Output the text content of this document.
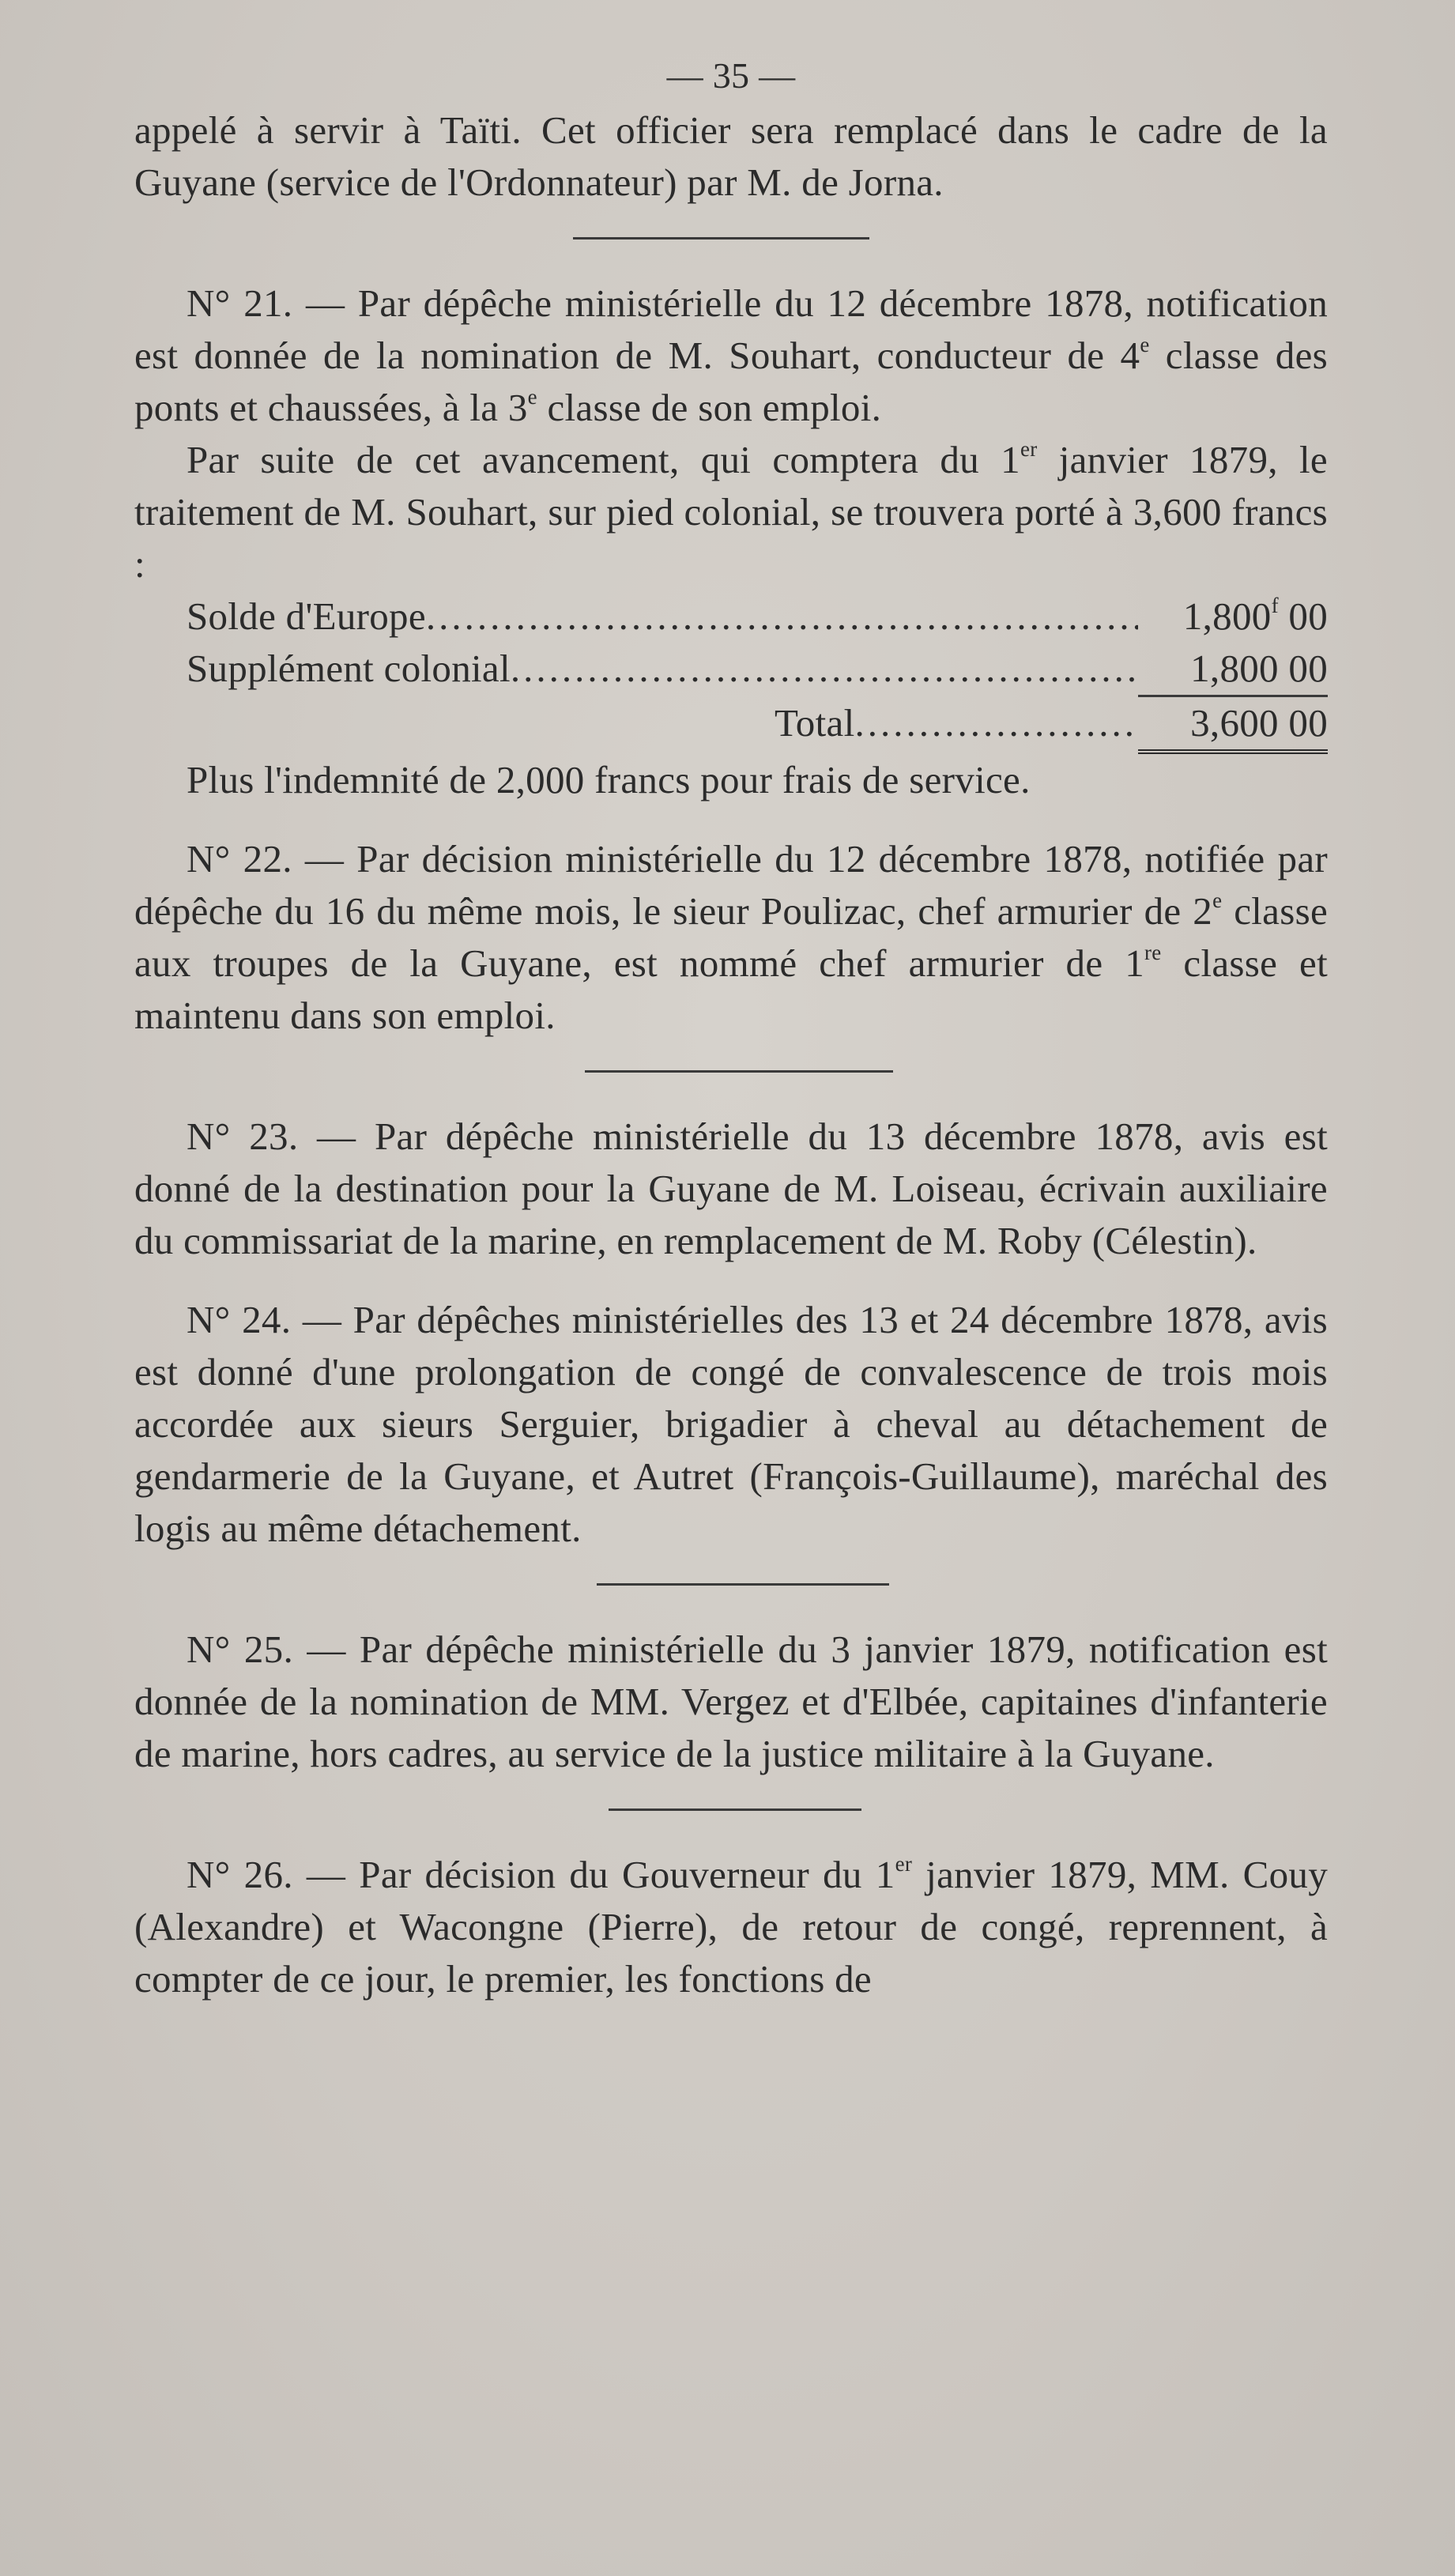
— 35 —

appelé à servir à Taïti. Cet officier sera remplacé dans le cadre de la Guyane (service de l'Ordonnateur) par M. de Jorna.

N° 21. — Par dépêche ministérielle du 12 décembre 1878, notification est donnée de la nomination de M. Souhart, conducteur de 4e classe des ponts et chaussées, à la 3e classe de son emploi.

Par suite de cet avancement, qui comptera du 1er janvier 1879, le traitement de M. Souhart, sur pied colonial, se trouvera porté à 3,600 francs :

Solde d'Europe .....	1,800$^f$ 00
Supplément colonial .....	1,800 00
Total .....	3,600 00

Plus l'indemnité de 2,000 francs pour frais de service.

N° 22. — Par décision ministérielle du 12 décembre 1878, notifiée par dépêche du 16 du même mois, le sieur Poulizac, chef armurier de 2e classe aux troupes de la Guyane, est nommé chef armurier de 1re classe et maintenu dans son emploi.

N° 23. — Par dépêche ministérielle du 13 décembre 1878, avis est donné de la destination pour la Guyane de M. Loiseau, écrivain auxiliaire du commissariat de la marine, en remplacement de M. Roby (Célestin).

N° 24. — Par dépêches ministérielles des 13 et 24 décembre 1878, avis est donné d'une prolongation de congé de convalescence de trois mois accordée aux sieurs Serguier, brigadier à cheval au détachement de gendarmerie de la Guyane, et Autret (François-Guillaume), maréchal des logis au même détachement.

N° 25. — Par dépêche ministérielle du 3 janvier 1879, notification est donnée de la nomination de MM. Vergez et d'Elbée, capitaines d'infanterie de marine, hors cadres, au service de la justice militaire à la Guyane.

N° 26. — Par décision du Gouverneur du 1er janvier 1879, MM. Couy (Alexandre) et Wacongne (Pierre), de retour de congé, reprennent, à compter de ce jour, le premier, les fonctions de
